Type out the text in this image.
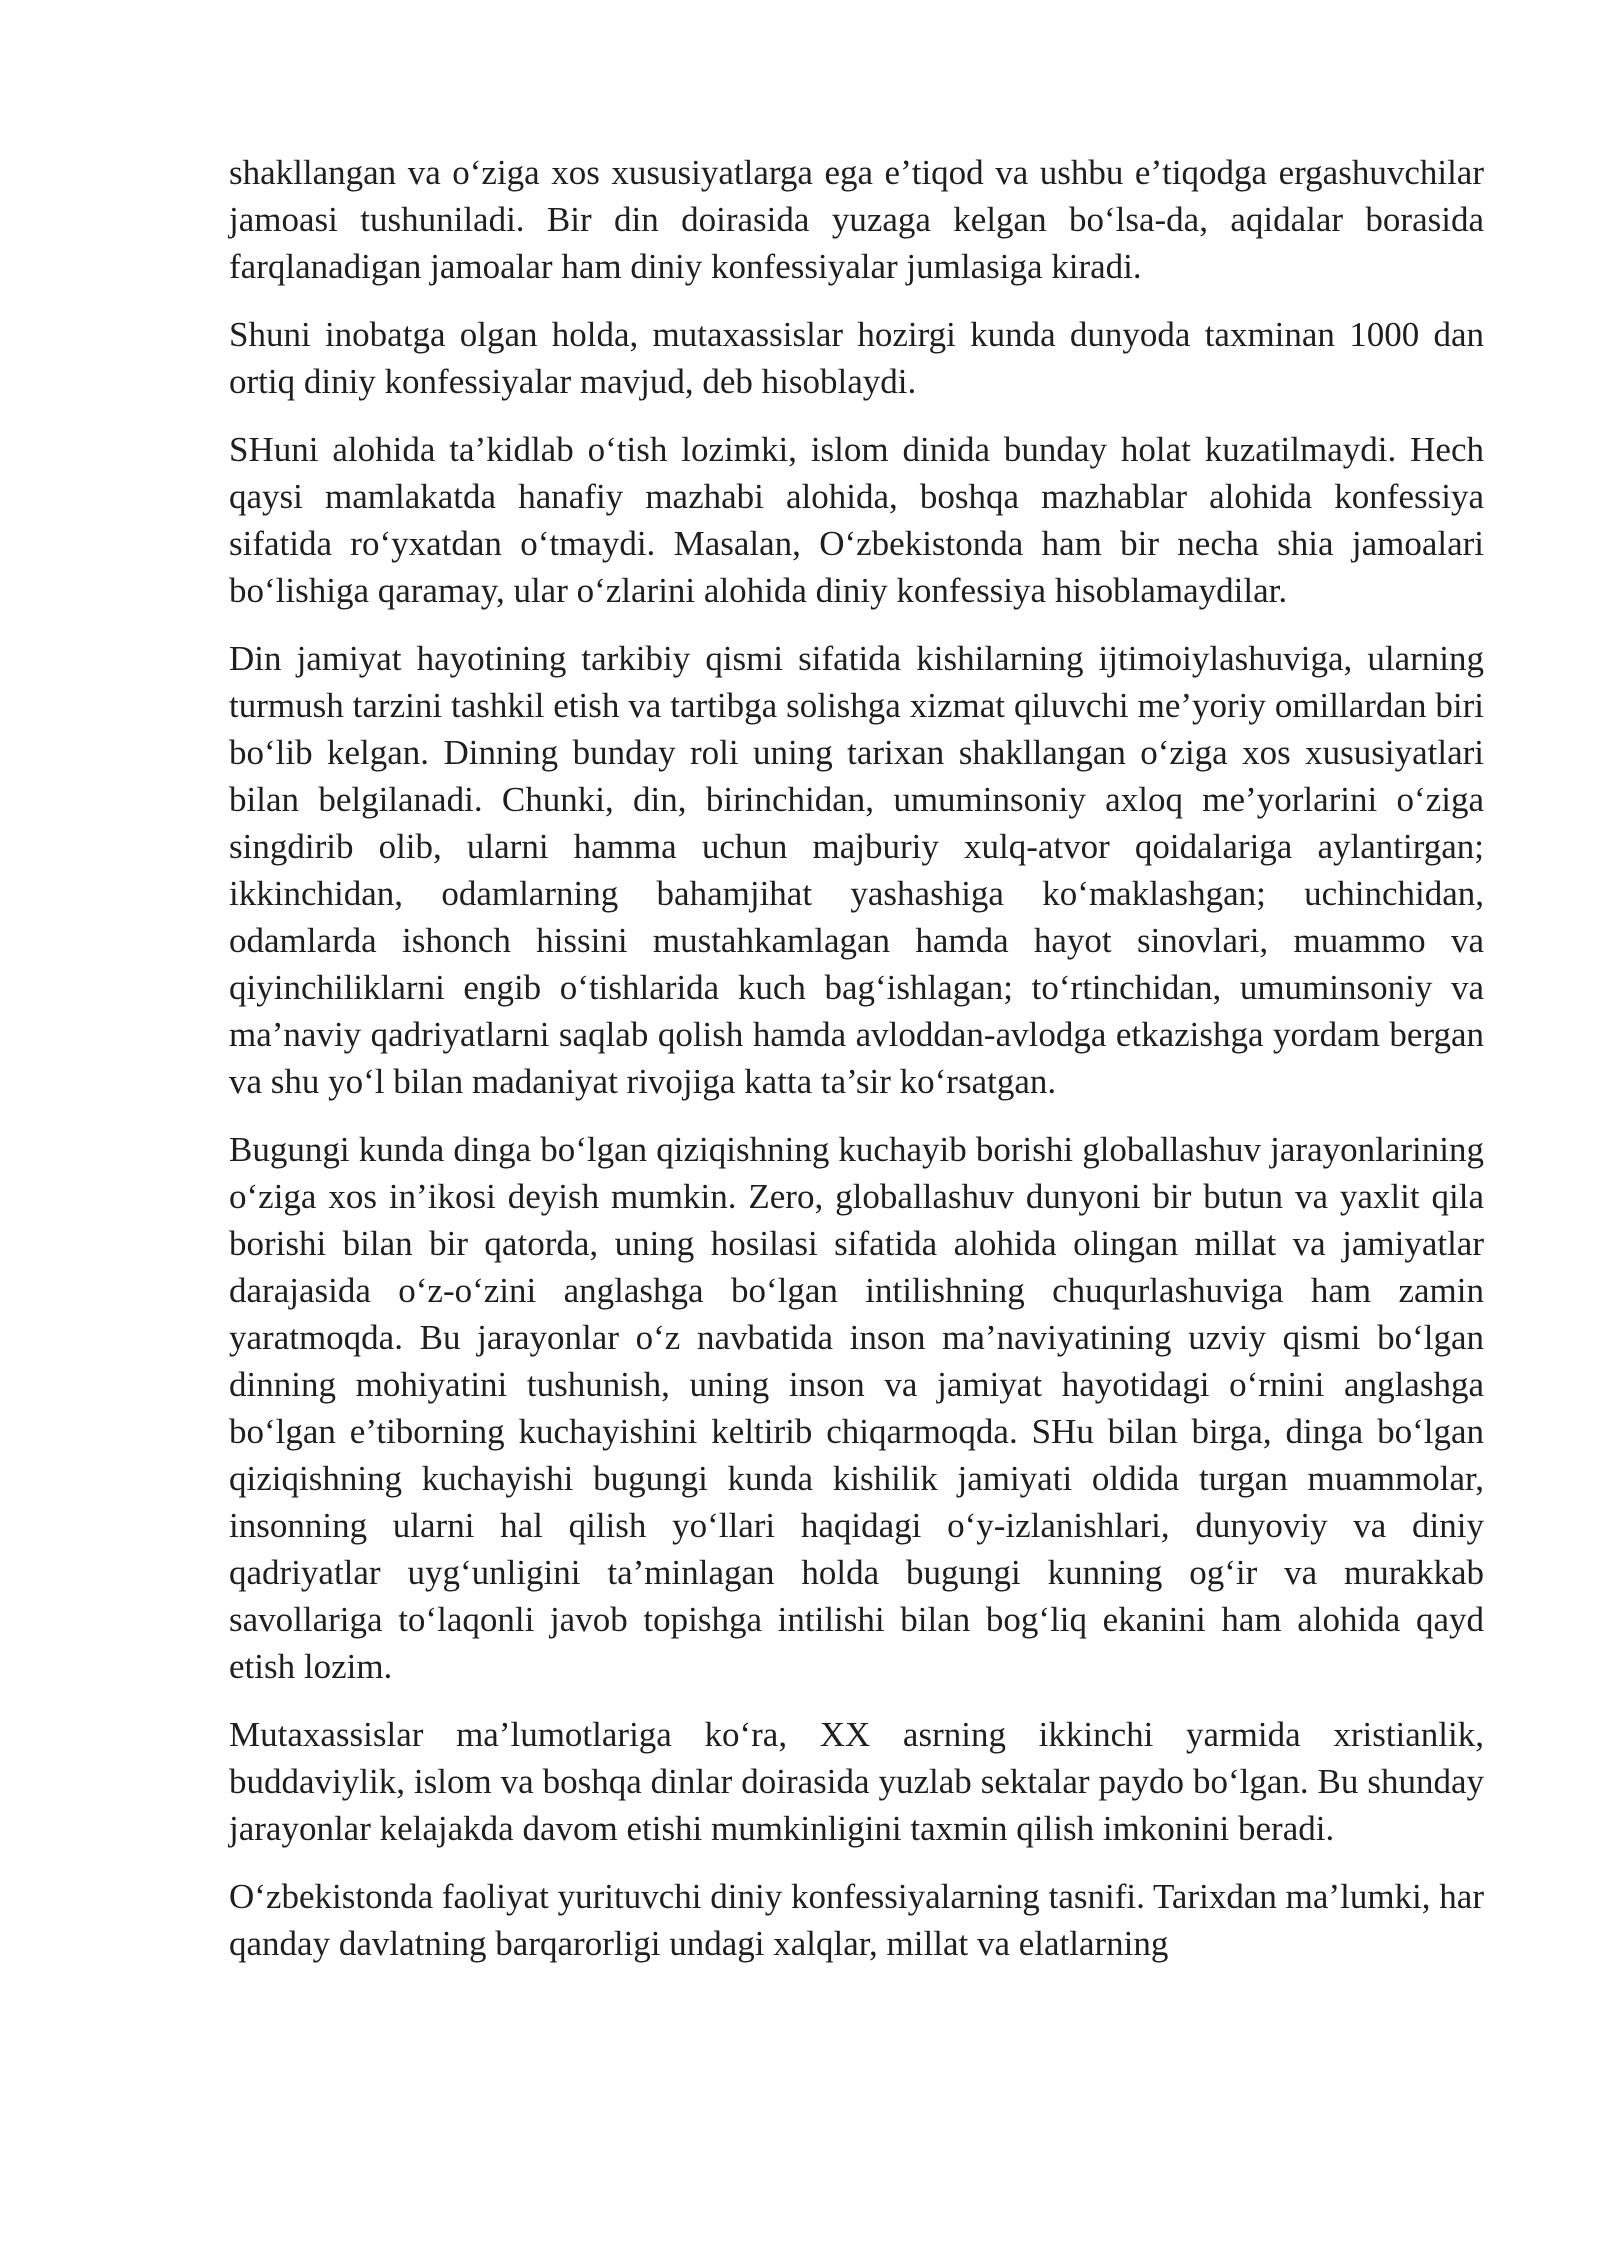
shakllangan va oʻziga xos xususiyatlarga ega eʼtiqod va ushbu eʼtiqodga ergashuvchilar jamoasi tushuniladi. Bir din doirasida yuzaga kelgan boʻlsa-da, aqidalar borasida farqlanadigan jamoalar ham diniy konfessiyalar jumlasiga kiradi.

Shuni inobatga olgan holda, mutaxassislar hozirgi kunda dunyoda taxminan 1000 dan ortiq diniy konfessiyalar mavjud, deb hisoblaydi.

SHuni alohida ta’kidlab oʻtish lozimki, islom dinida bunday holat kuzatilmaydi. Hech qaysi mamlakatda hanafiy mazhabi alohida, boshqa mazhablar alohida konfessiya sifatida roʻyxatdan oʻtmaydi. Masalan, Oʻzbekistonda ham bir necha shia jamoalari boʻlishiga qaramay, ular oʻzlarini alohida diniy konfessiya hisoblamaydilar.

Din jamiyat hayotining tarkibiy qismi sifatida kishilarning ijtimoiylashuviga, ularning turmush tarzini tashkil etish va tartibga solishga xizmat qiluvchi me’yoriy omillardan biri boʻlib kelgan. Dinning bunday roli uning tarixan shakllangan oʻziga xos xususiyatlari bilan belgilanadi. Chunki, din, birinchidan, umuminsoniy axloq me’yorlarini oʻziga singdirib olib, ularni hamma uchun majburiy xulq-atvor qoidalariga aylantirgan; ikkinchidan, odamlarning bahamjihat yashashiga koʻmaklashgan; uchinchidan, odamlarda ishonch hissini mustahkamlagan hamda hayot sinovlari, muammo va qiyinchiliklarni engib oʻtishlarida kuch bagʻishlagan; toʻrtinchidan, umuminsoniy va ma’naviy qadriyatlarni saqlab qolish hamda avloddan-avlodga etkazishga yordam bergan va shu yoʻl bilan madaniyat rivojiga katta ta’sir koʻrsatgan.

Bugungi kunda dinga boʻlgan qiziqishning kuchayib borishi globallashuv jarayonlarining oʻziga xos in’ikosi deyish mumkin. Zero, globallashuv dunyoni bir butun va yaxlit qila borishi bilan bir qatorda, uning hosilasi sifatida alohida olingan millat va jamiyatlar darajasida oʻz-oʻzini anglashga boʻlgan intilishning chuqurlashuviga ham zamin yaratmoqda. Bu jarayonlar oʻz navbatida inson ma’naviyatining uzviy qismi boʻlgan dinning mohiyatini tushunish, uning inson va jamiyat hayotidagi oʻrnini anglashga boʻlgan e’tiborning kuchayishini keltirib chiqarmoqda. SHu bilan birga, dinga boʻlgan qiziqishning kuchayishi bugungi kunda kishilik jamiyati oldida turgan muammolar, insonning ularni hal qilish yoʻllari haqidagi oʻy-izlanishlari, dunyoviy va diniy qadriyatlar uygʻunligini ta’minlagan holda bugungi kunning ogʻir va murakkab savollariga toʻlaqonli javob topishga intilishi bilan bogʻliq ekanini ham alohida qayd etish lozim.

Mutaxassislar ma’lumotlariga koʻra, XX asrning ikkinchi yarmida xristianlik, buddaviylik, islom va boshqa dinlar doirasida yuzlab sektalar paydo boʻlgan. Bu shunday jarayonlar kelajakda davom etishi mumkinligini taxmin qilish imkonini beradi.

Oʻzbekistonda faoliyat yurituvchi diniy konfessiyalarning tasnifi. Tarixdan ma’lumki, har qanday davlatning barqarorligi undagi xalqlar, millat va elatlarning
